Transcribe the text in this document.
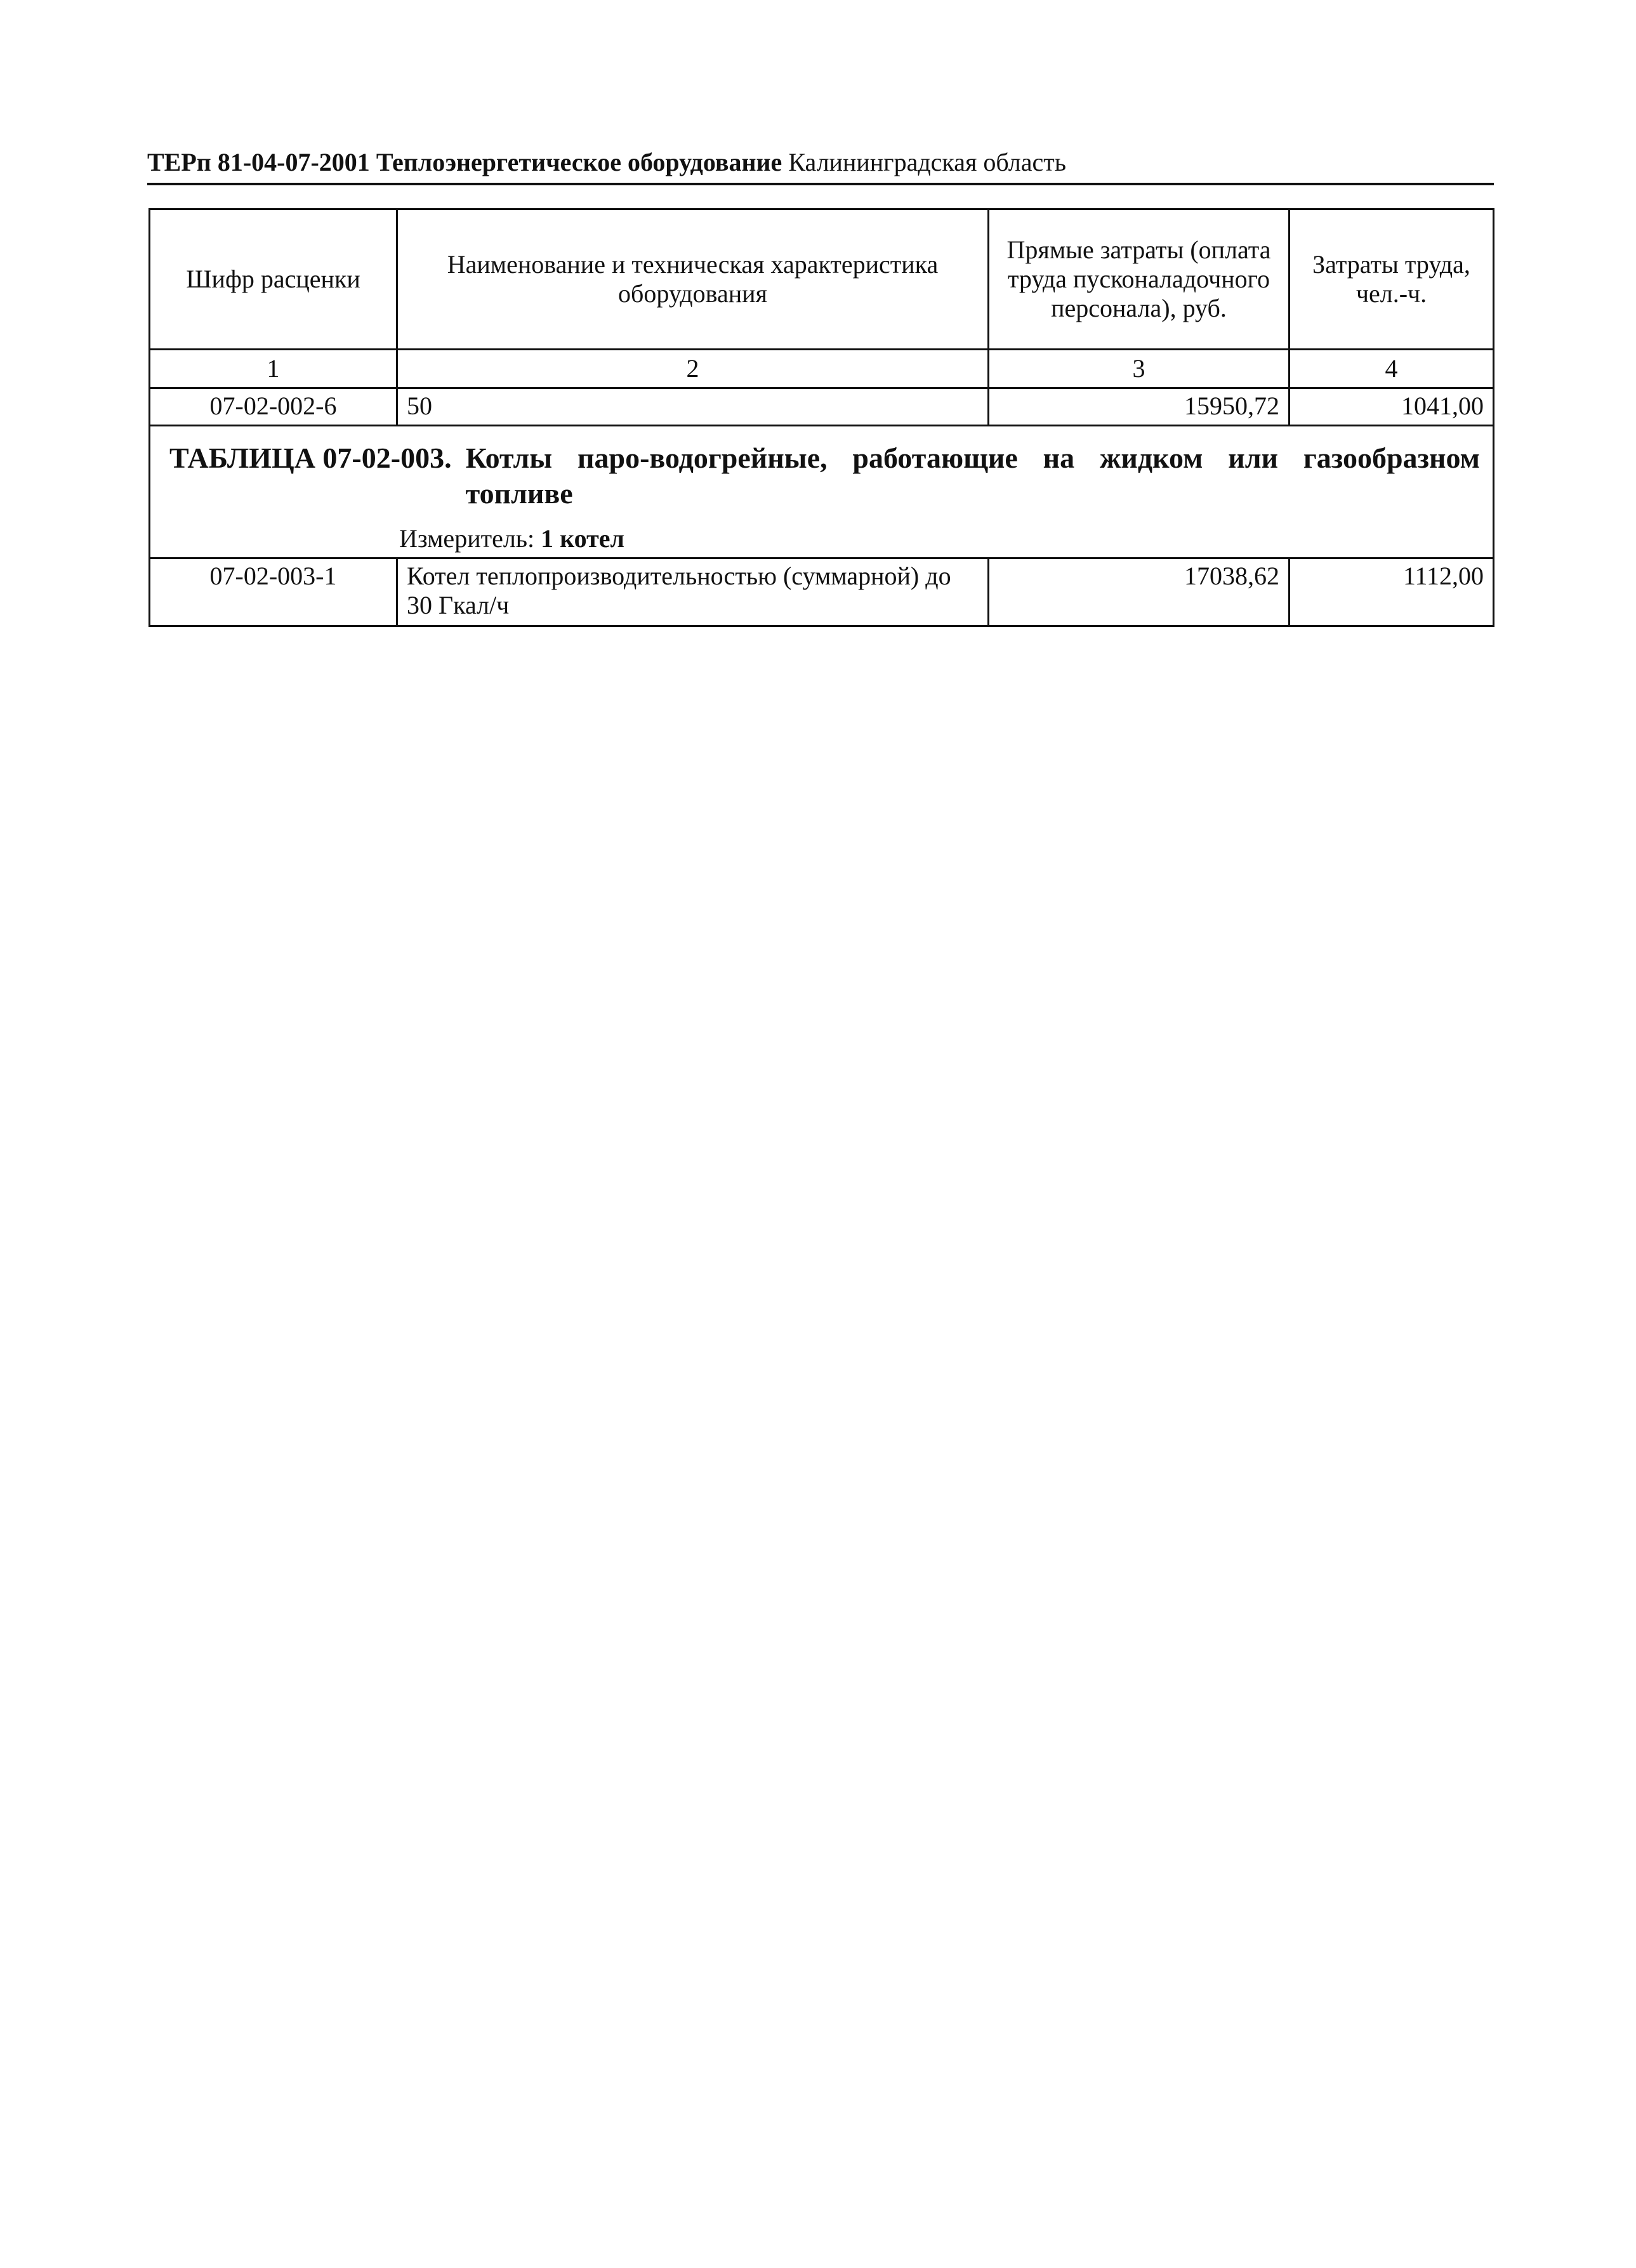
ТЕРп 81-04-07-2001 Теплоэнергетическое оборудование Калининградская область
Шифр расценки	Наименование и техническая характеристика оборудования	Прямые затраты (оплата труда пусконаладочного персонала), руб.	Затраты труда, чел.-ч.
1	2	3	4
07-02-002-6	50	15950,72	1041,00

ТАБЛИЦА 07-02-003. Котлы паро-водогрейные, работающие на жидком или газообразном топливе
Измеритель: 1 котел			

07-02-003-1	Котел теплопроизводительностью (суммарной) до 30 Гкал/ч	17038,62	1112,00
